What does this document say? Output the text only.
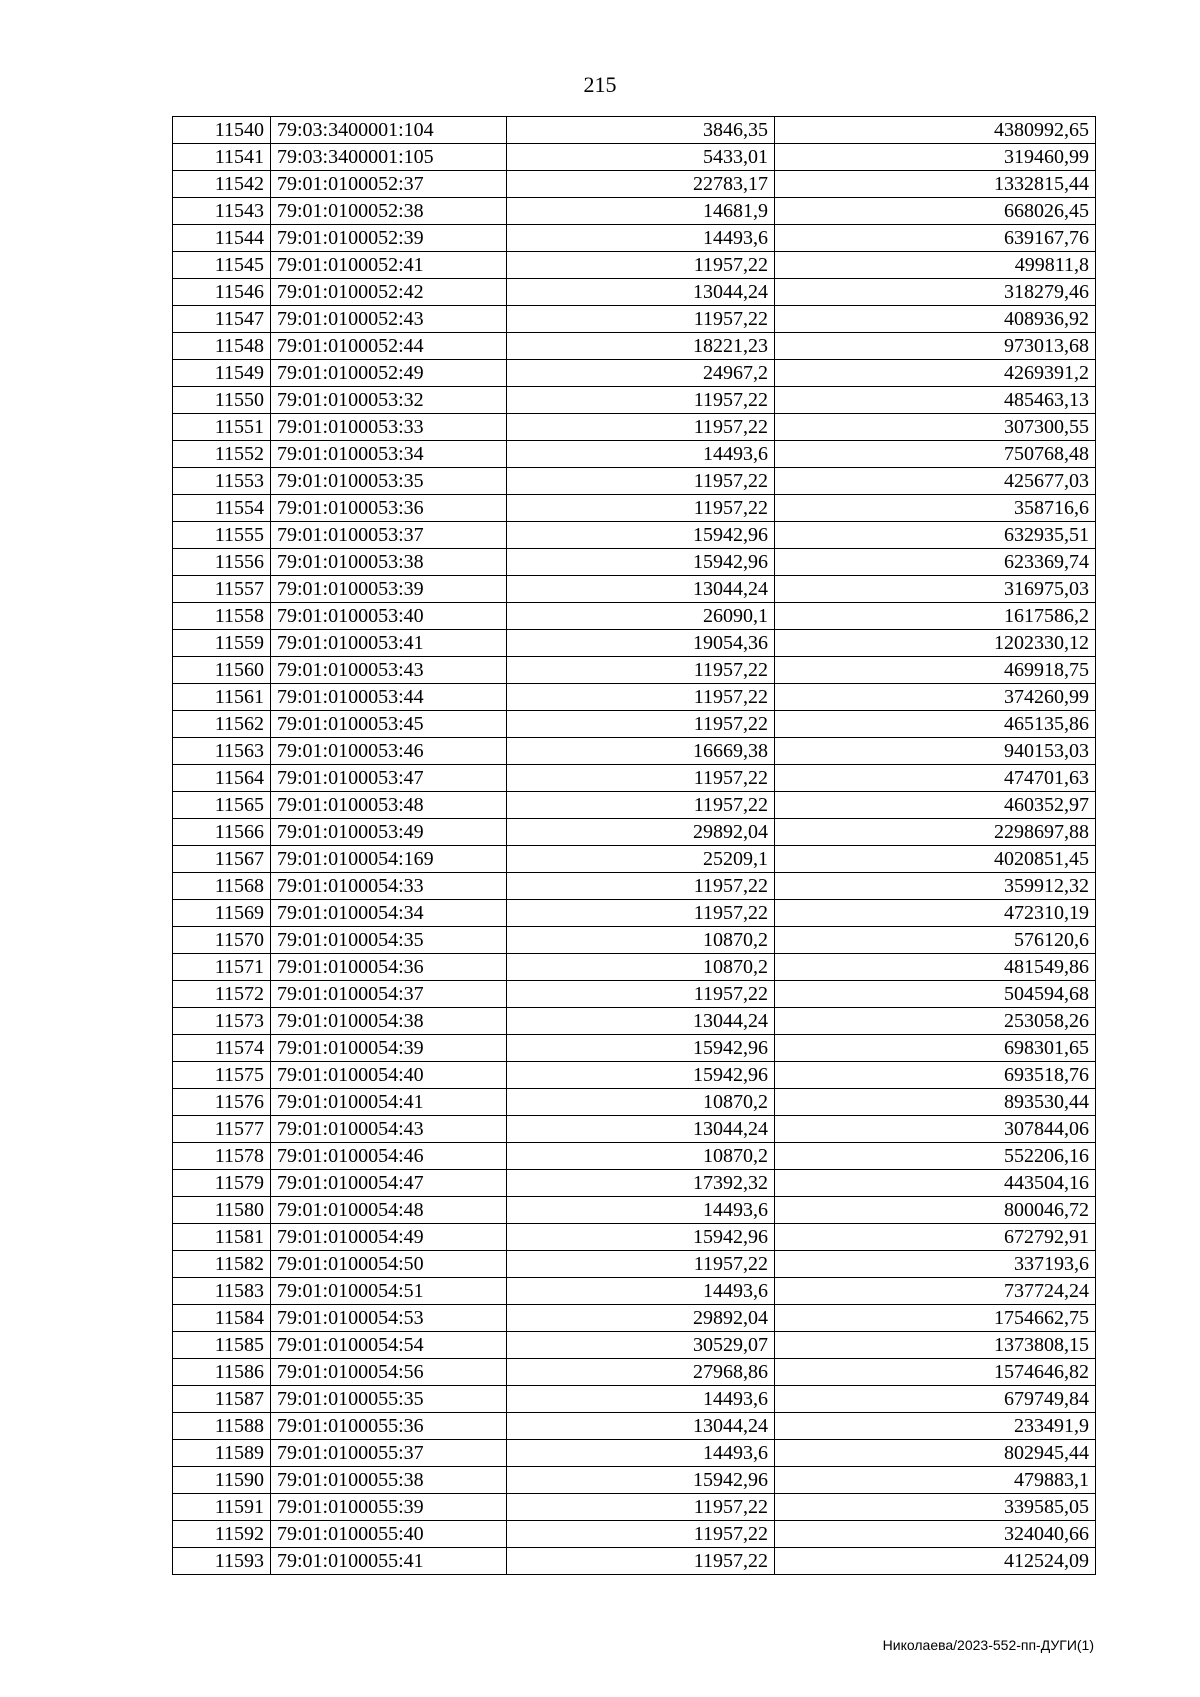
215
11540	79:03:3400001:104	3846,35	4380992,65
11541	79:03:3400001:105	5433,01	319460,99
11542	79:01:0100052:37	22783,17	1332815,44
11543	79:01:0100052:38	14681,9	668026,45
11544	79:01:0100052:39	14493,6	639167,76
11545	79:01:0100052:41	11957,22	499811,8
11546	79:01:0100052:42	13044,24	318279,46
11547	79:01:0100052:43	11957,22	408936,92
11548	79:01:0100052:44	18221,23	973013,68
11549	79:01:0100052:49	24967,2	4269391,2
11550	79:01:0100053:32	11957,22	485463,13
11551	79:01:0100053:33	11957,22	307300,55
11552	79:01:0100053:34	14493,6	750768,48
11553	79:01:0100053:35	11957,22	425677,03
11554	79:01:0100053:36	11957,22	358716,6
11555	79:01:0100053:37	15942,96	632935,51
11556	79:01:0100053:38	15942,96	623369,74
11557	79:01:0100053:39	13044,24	316975,03
11558	79:01:0100053:40	26090,1	1617586,2
11559	79:01:0100053:41	19054,36	1202330,12
11560	79:01:0100053:43	11957,22	469918,75
11561	79:01:0100053:44	11957,22	374260,99
11562	79:01:0100053:45	11957,22	465135,86
11563	79:01:0100053:46	16669,38	940153,03
11564	79:01:0100053:47	11957,22	474701,63
11565	79:01:0100053:48	11957,22	460352,97
11566	79:01:0100053:49	29892,04	2298697,88
11567	79:01:0100054:169	25209,1	4020851,45
11568	79:01:0100054:33	11957,22	359912,32
11569	79:01:0100054:34	11957,22	472310,19
11570	79:01:0100054:35	10870,2	576120,6
11571	79:01:0100054:36	10870,2	481549,86
11572	79:01:0100054:37	11957,22	504594,68
11573	79:01:0100054:38	13044,24	253058,26
11574	79:01:0100054:39	15942,96	698301,65
11575	79:01:0100054:40	15942,96	693518,76
11576	79:01:0100054:41	10870,2	893530,44
11577	79:01:0100054:43	13044,24	307844,06
11578	79:01:0100054:46	10870,2	552206,16
11579	79:01:0100054:47	17392,32	443504,16
11580	79:01:0100054:48	14493,6	800046,72
11581	79:01:0100054:49	15942,96	672792,91
11582	79:01:0100054:50	11957,22	337193,6
11583	79:01:0100054:51	14493,6	737724,24
11584	79:01:0100054:53	29892,04	1754662,75
11585	79:01:0100054:54	30529,07	1373808,15
11586	79:01:0100054:56	27968,86	1574646,82
11587	79:01:0100055:35	14493,6	679749,84
11588	79:01:0100055:36	13044,24	233491,9
11589	79:01:0100055:37	14493,6	802945,44
11590	79:01:0100055:38	15942,96	479883,1
11591	79:01:0100055:39	11957,22	339585,05
11592	79:01:0100055:40	11957,22	324040,66
11593	79:01:0100055:41	11957,22	412524,09
Николаева/2023-552-пп-ДУГИ(1)
